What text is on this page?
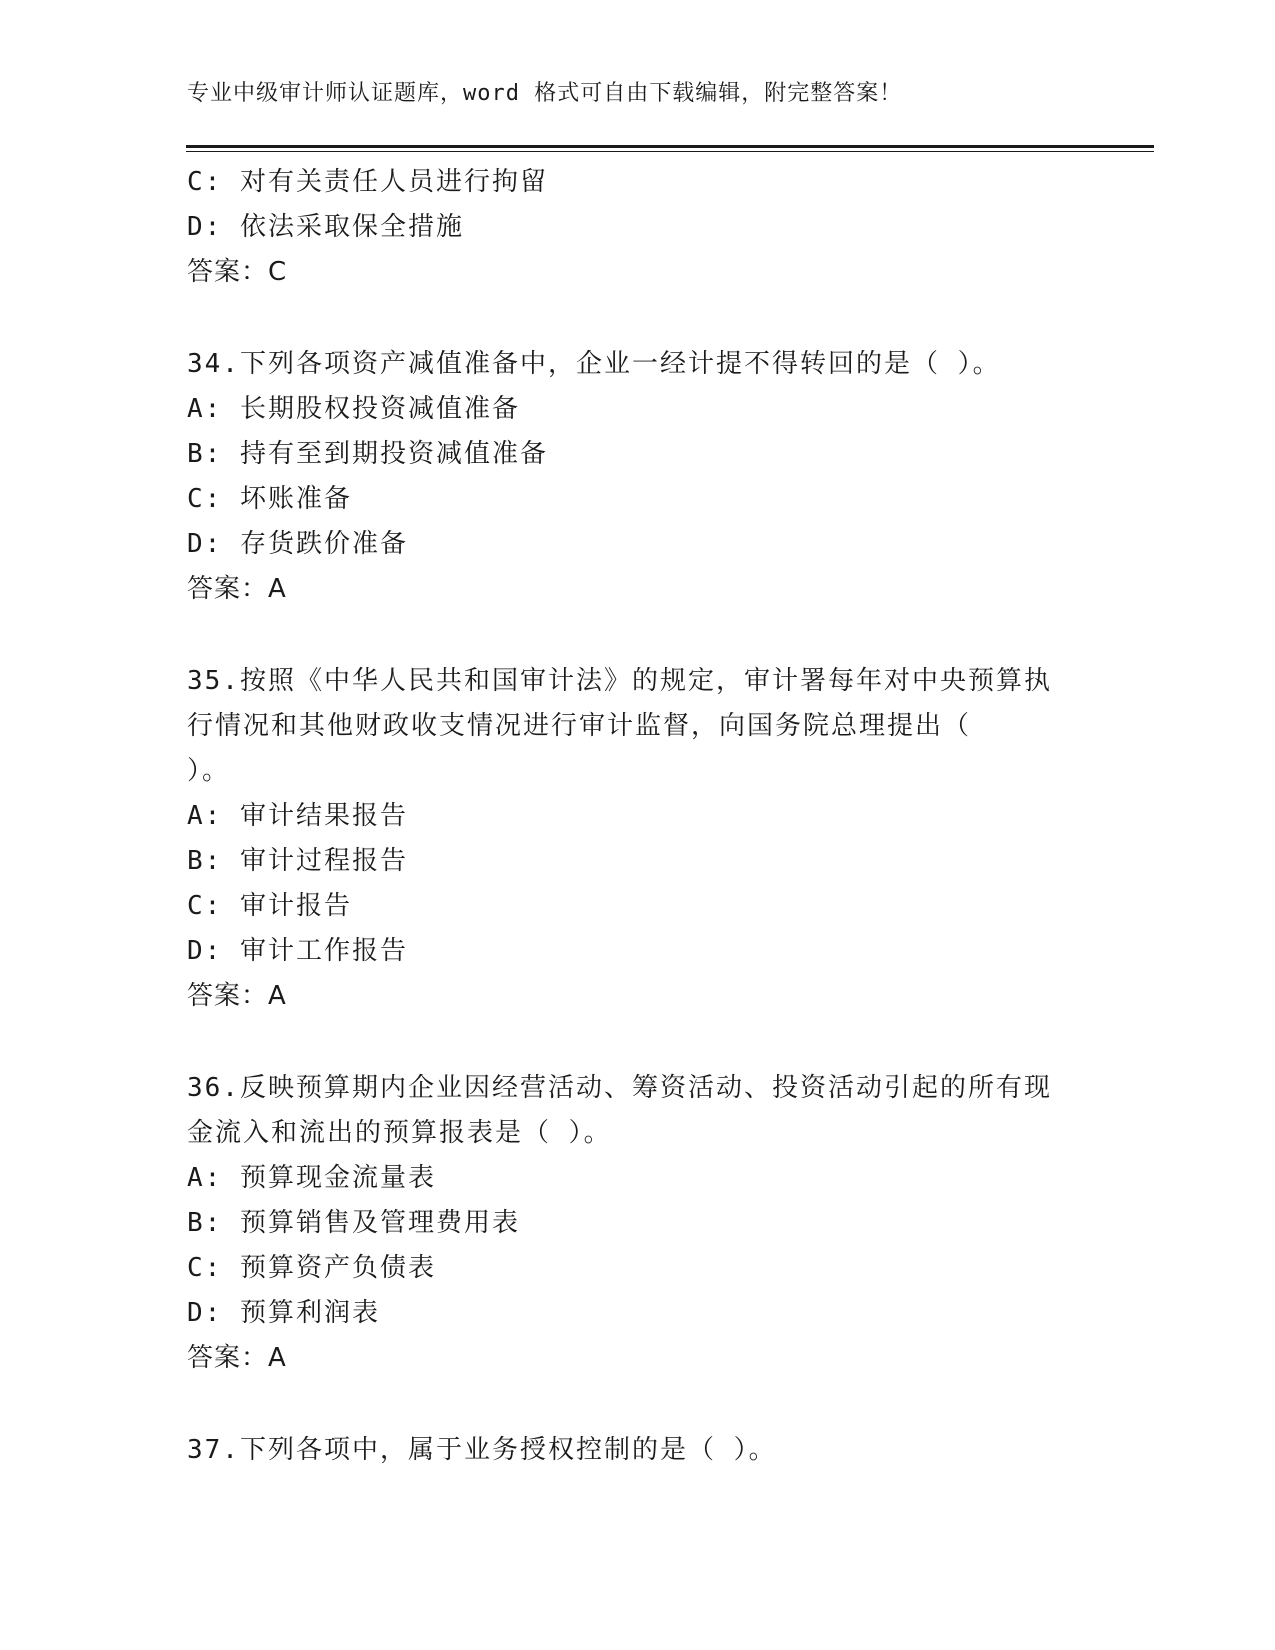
专业中级审计师认证题库，word 格式可自由下载编辑，附完整答案！
C: 对有关责任人员进行拘留
D: 依法采取保全措施
答案：C
34.下列各项资产减值准备中，企业一经计提不得转回的是（ ）。
A: 长期股权投资减值准备
B: 持有至到期投资减值准备
C: 坏账准备
D: 存货跌价准备
答案：A
35.按照《中华人民共和国审计法》的规定，审计署每年对中央预算执
行情况和其他财政收支情况进行审计监督，向国务院总理提出（
）。
A: 审计结果报告
B: 审计过程报告
C: 审计报告
D: 审计工作报告
答案：A
36.反映预算期内企业因经营活动、筹资活动、投资活动引起的所有现
金流入和流出的预算报表是（ ）。
A: 预算现金流量表
B: 预算销售及管理费用表
C: 预算资产负债表
D: 预算利润表
答案：A
37.下列各项中，属于业务授权控制的是（ ）。
